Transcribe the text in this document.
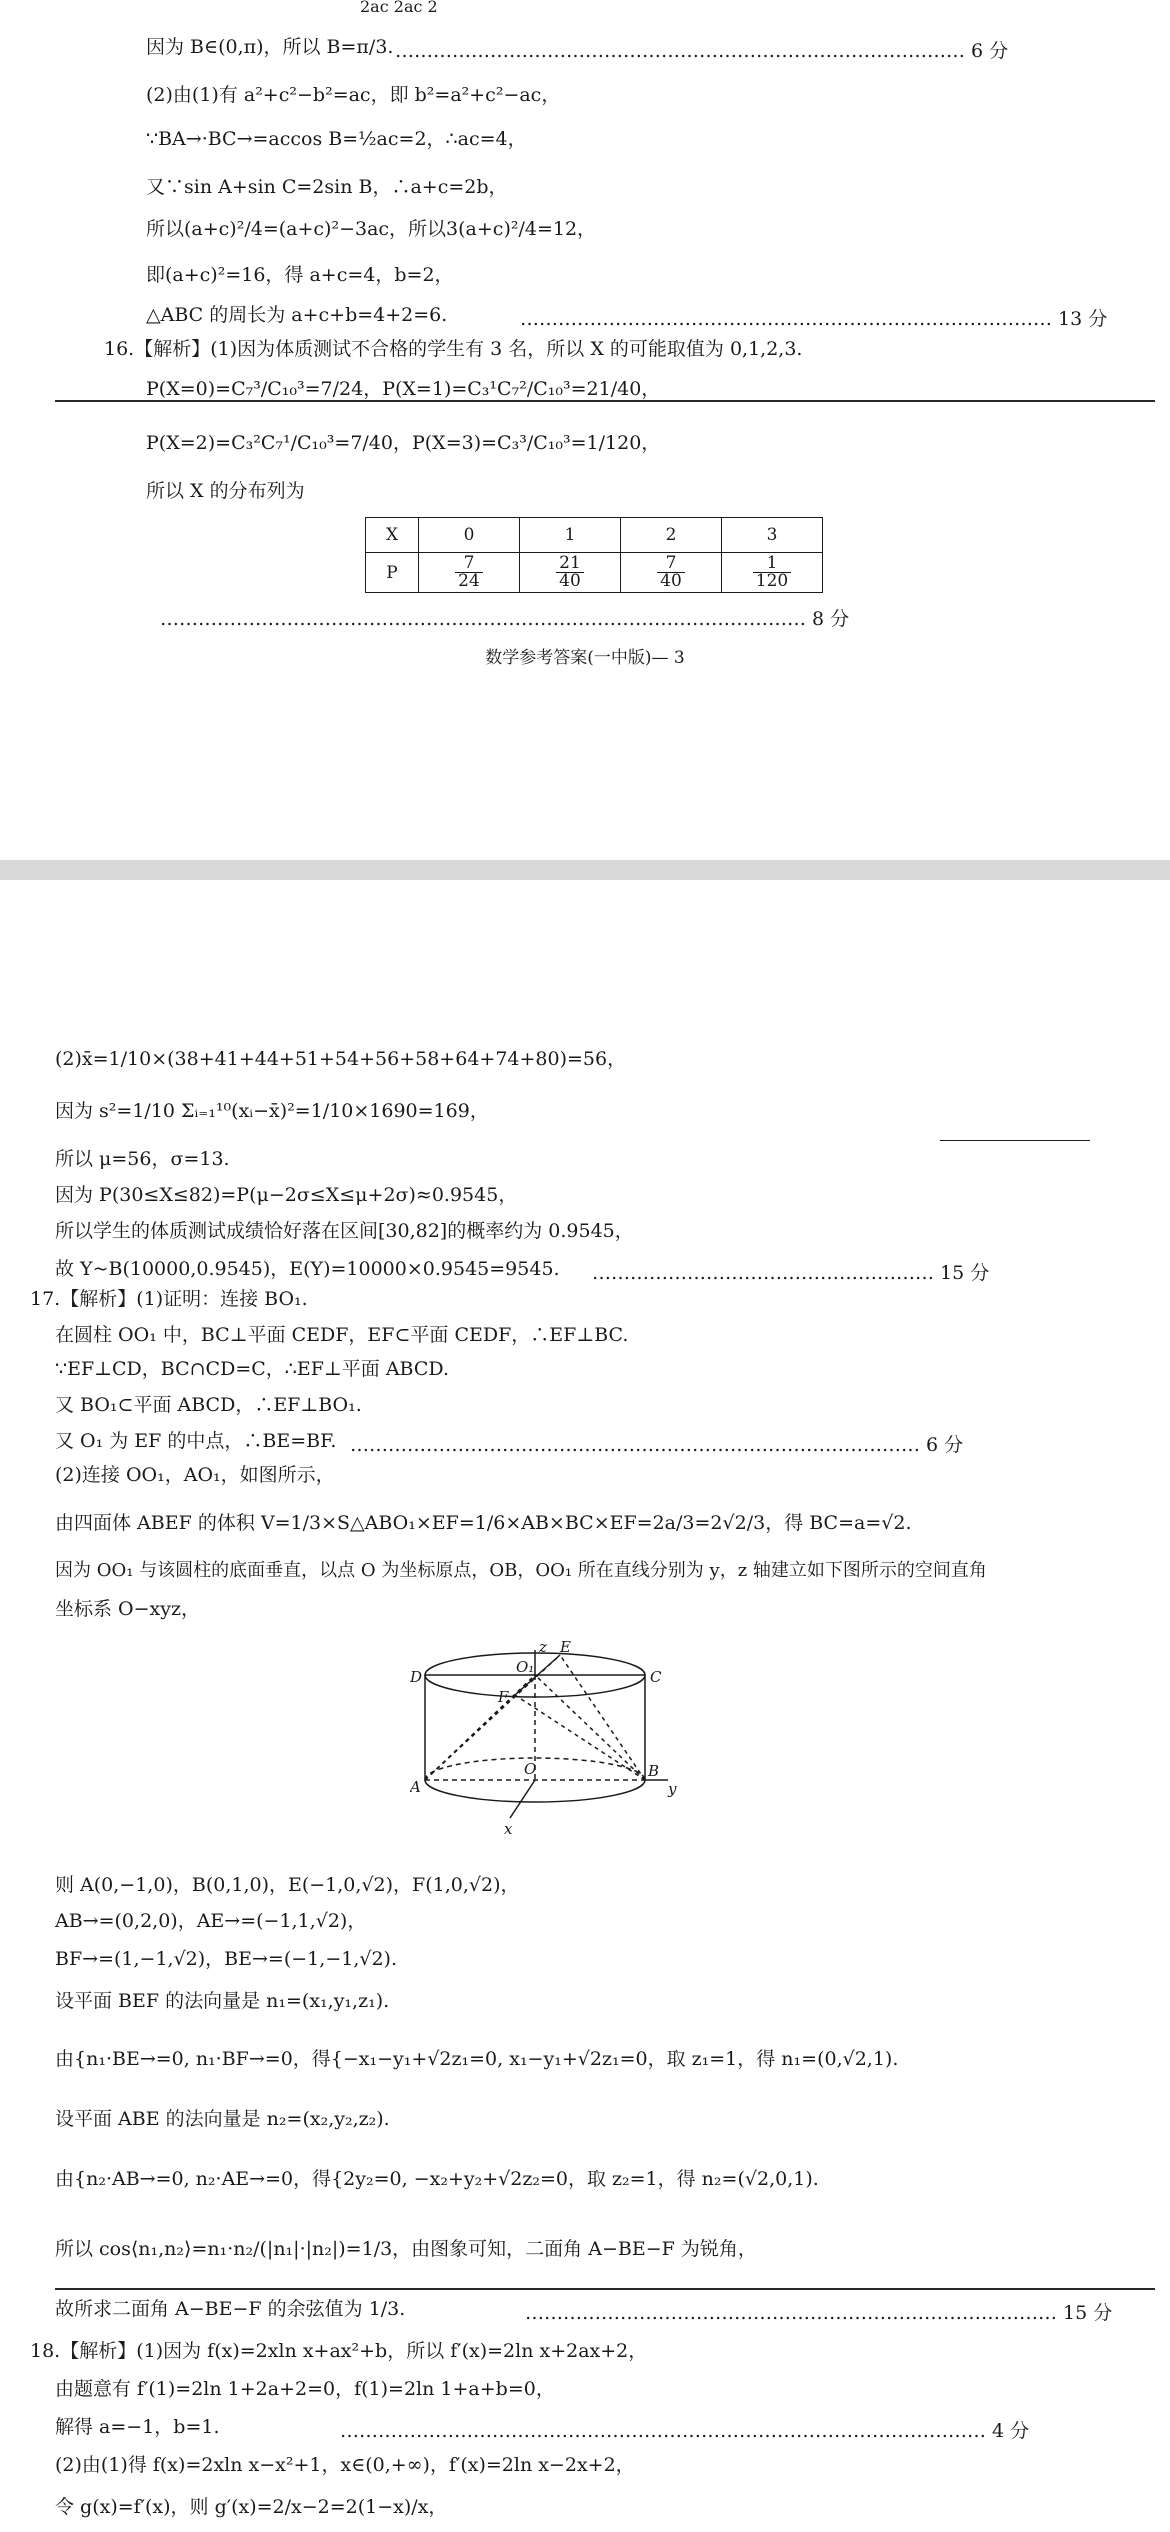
2ac 2ac 2
因为 B∈(0,π)，所以 B=π/3. ……………………………………………………………………………… 6 分
(2)由(1)有 a²+c²−b²=ac，即 b²=a²+c²−ac，
∵BA→·BC→=accos B=½ac=2，∴ac=4，
又∵sin A+sin C=2sin B，∴a+c=2b，
所以(a+c)²/4=(a+c)²−3ac，所以3(a+c)²/4=12，
即(a+c)²=16，得 a+c=4，b=2，
△ABC 的周长为 a+c+b=4+2=6.	………………………………………………………………………… 13 分
16.【解析】(1)因为体质测试不合格的学生有 3 名，所以 X 的可能取值为 0,1,2,3.
P(X=0)=C₇³/C₁₀³=7/24，P(X=1)=C₃¹C₇²/C₁₀³=21/40，
P(X=2)=C₃²C₇¹/C₁₀³=7/40，P(X=3)=C₃³/C₁₀³=1/120，
所以 X 的分布列为
X	0	1	2	3
P	$\frac{7}{24}$	$\frac{21}{40}$	$\frac{7}{40}$	$\frac{1}{120}$
………………………………………………………………………………………… 8 分
数学参考答案(一中版)— 3
(2)x̄=1/10×(38+41+44+51+54+56+58+64+74+80)=56，
因为 s²=1/10 Σᵢ₌₁¹⁰(xᵢ−x̄)²=1/10×1690=169，
所以 μ=56，σ=13.
因为 P(30≤X≤82)=P(μ−2σ≤X≤μ+2σ)≈0.9545，
所以学生的体质测试成绩恰好落在区间[30,82]的概率约为 0.9545，
故 Y~B(10000,0.9545)，E(Y)=10000×0.9545=9545. ……………………………………………… 15 分
17.【解析】(1)证明：连接 BO₁.
在圆柱 OO₁ 中，BC⊥平面 CEDF，EF⊂平面 CEDF，∴EF⊥BC.
∵EF⊥CD，BC∩CD=C，∴EF⊥平面 ABCD.
又 BO₁⊂平面 ABCD，∴EF⊥BO₁.
又 O₁ 为 EF 的中点，∴BE=BF. ……………………………………………………………………………… 6 分
(2)连接 OO₁，AO₁，如图所示，
由四面体 ABEF 的体积 V=1/3×S△ABO₁×EF=1/6×AB×BC×EF=2a/3=2√2/3，得 BC=a=√2.
因为 OO₁ 与该圆柱的底面垂直，以点 O 为坐标原点，OB，OO₁ 所在直线分别为 y，z 轴建立如下图所示的空间直角
坐标系 O−xyz，
D
O₁
E
C
F
A
O	B
y
x
z
则 A(0,−1,0)，B(0,1,0)，E(−1,0,√2)，F(1,0,√2)，
AB→=(0,2,0)，AE→=(−1,1,√2)，
BF→=(1,−1,√2)，BE→=(−1,−1,√2).
设平面 BEF 的法向量是 n₁=(x₁,y₁,z₁).
由{n₁·BE→=0, n₁·BF→=0，得{−x₁−y₁+√2z₁=0, x₁−y₁+√2z₁=0，取 z₁=1，得 n₁=(0,√2,1).
设平面 ABE 的法向量是 n₂=(x₂,y₂,z₂).
由{n₂·AB→=0, n₂·AE→=0，得{2y₂=0, −x₂+y₂+√2z₂=0，取 z₂=1，得 n₂=(√2,0,1).
所以 cos⟨n₁,n₂⟩=n₁·n₂/(|n₁|·|n₂|)=1/3，由图象可知，二面角 A−BE−F 为锐角，
故所求二面角 A−BE−F 的余弦值为 1/3.	………………………………………………………………………… 15 分
18.【解析】(1)因为 f(x)=2xln x+ax²+b，所以 f′(x)=2ln x+2ax+2，
由题意有 f′(1)=2ln 1+2a+2=0，f(1)=2ln 1+a+b=0，
解得 a=−1，b=1.	………………………………………………………………………………………… 4 分
(2)由(1)得 f(x)=2xln x−x²+1，x∈(0,+∞)，f′(x)=2ln x−2x+2，
令 g(x)=f′(x)，则 g′(x)=2/x−2=2(1−x)/x，
